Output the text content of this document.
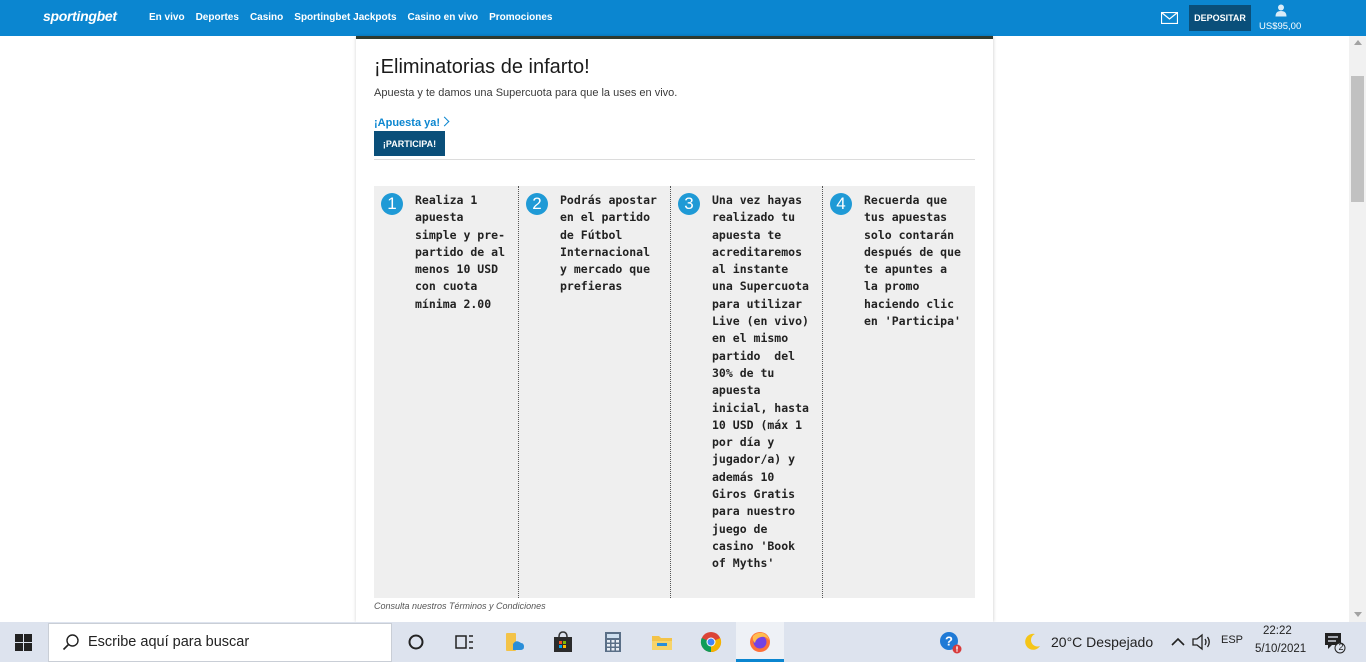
sportingbet	En vivo Deportes Casino Sportingbet Jackpots Casino en vivo Promociones	DEPOSITAR
US$95,00
¡Eliminatorias de infarto!

Apuesta y te damos una Supercuota para que la uses en vivo.

¡Apuesta ya!
¡PARTICIPA!
1	Realiza 1 apuesta simple y pre-partido de al menos 10 USD con cuota mínima 2.00
2	Podrás apostar en el partido de Fútbol Internacional y mercado que prefieras
3	Una vez hayas realizado tu apuesta te acreditaremos al instante una Supercuota para utilizar Live (en vivo) en el mismo partido  del 30% de tu apuesta inicial, hasta 10 USD (máx 1 por día y jugador/a) y además 10 Giros Gratis para nuestro juego de casino 'Book of Myths'
4	Recuerda que tus apuestas solo contarán después de que te apuntes a la promo haciendo clic en 'Participa'
Consulta nuestros Términos y Condiciones
Escribe aquí para buscar	?	20°C Despejado	ESP
22:22
5/10/2021	2
